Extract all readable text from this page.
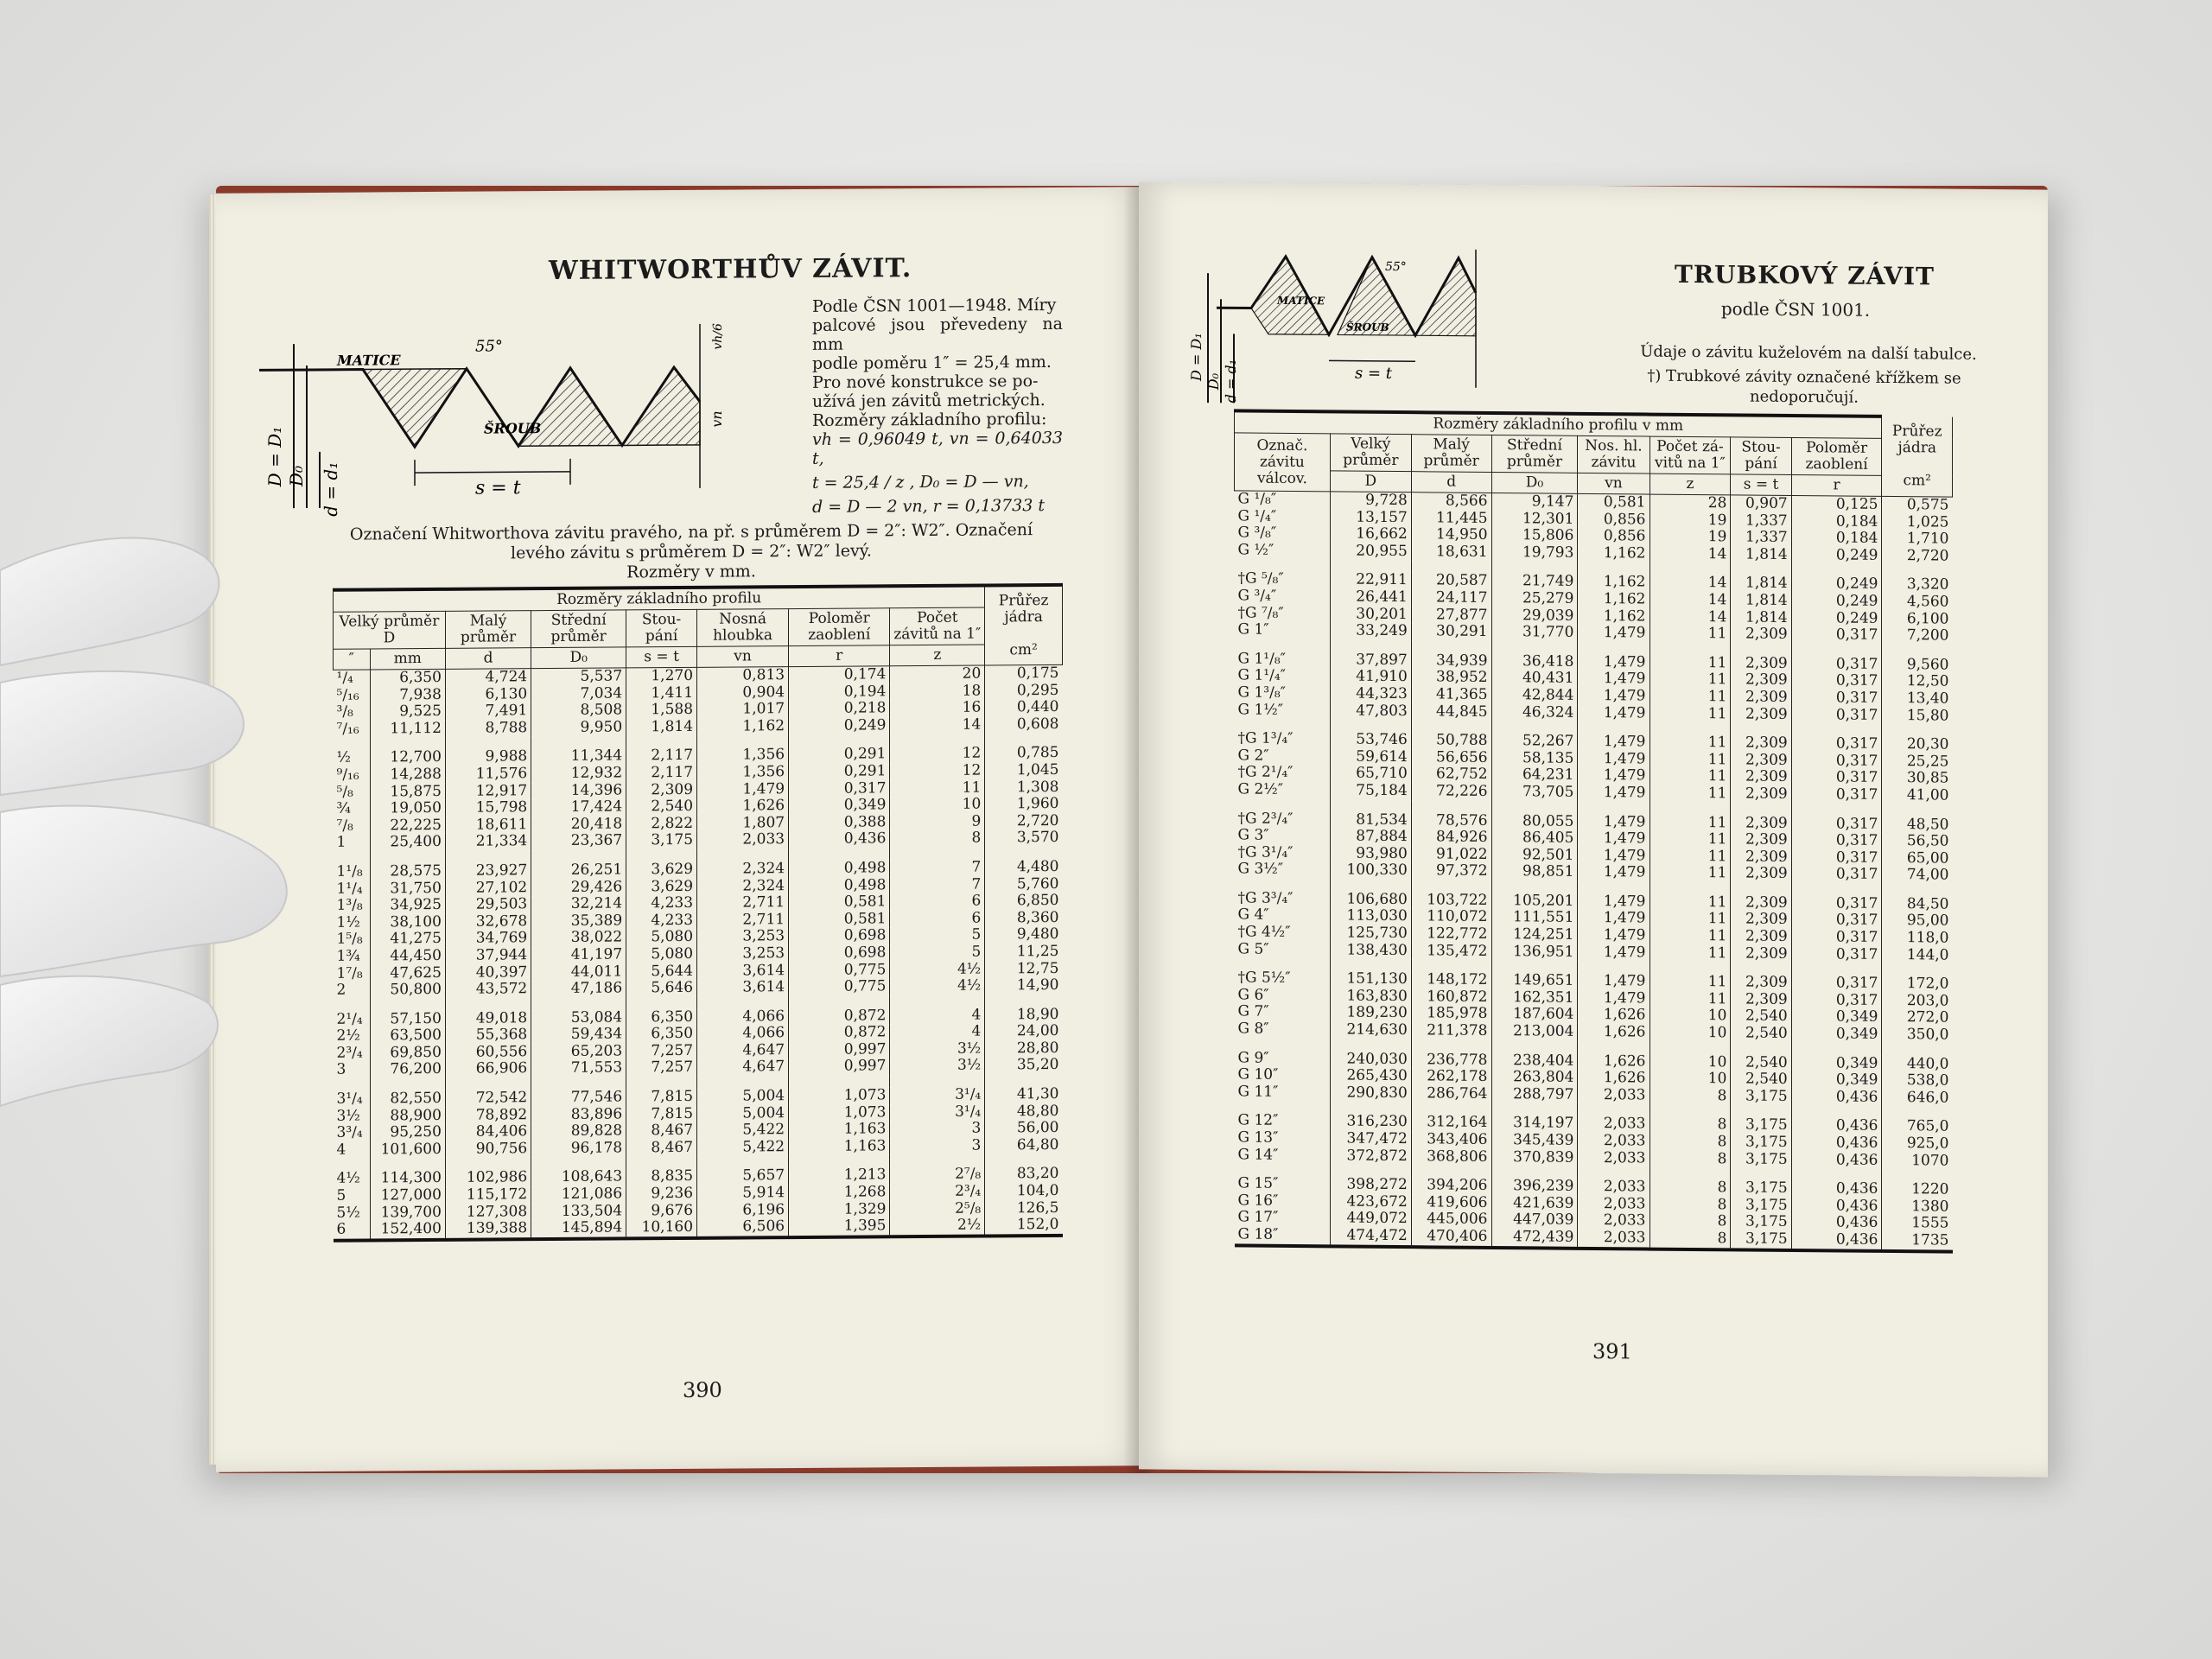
WHITWORTHŮV ZÁVIT.
MATICE
55°
ŠROUB
s = t
D = D₁ D₀ d = d₁
vh/6
vn
Podle ČSN 1001—1948. Míry
palcové jsou převedeny na mm
podle poměru 1″ = 25,4 mm.
Pro nové konstrukce se po-
užívá jen závitů metrických.
Rozměry základního profilu:
vh = 0,96049 t, vn = 0,64033 t,
t = 25,4 / z , D₀ = D — vn,
d = D — 2 vn, r = 0,13733 t
Označení Whitworthova závitu pravého, na př. s průměrem D = 2″: W2″. Označení
levého závitu s průměrem D = 2″: W2″ levý.
Rozměry v mm.
Rozměry základního profilu								Průřez jádra

cm²
Velký průměr D		Malý průměr	Střední průměr	Stou- pání	Nosná hloubka	Poloměr zaoblení	Počet závitů na 1″	
″	mm	d	D₀	s = t	vn	r	z	
¹/₄	6,350	4,724	5,537	1,270	0,813	0,174	20	0,175
⁵/₁₆	7,938	6,130	7,034	1,411	0,904	0,194	18	0,295
³/₈	9,525	7,491	8,508	1,588	1,017	0,218	16	0,440
⁷/₁₆	11,112	8,788	9,950	1,814	1,162	0,249	14	0,608

½	12,700	9,988	11,344	2,117	1,356	0,291	12	0,785
⁹/₁₆	14,288	11,576	12,932	2,117	1,356	0,291	12	1,045
⁵/₈	15,875	12,917	14,396	2,309	1,479	0,317	11	1,308
¾	19,050	15,798	17,424	2,540	1,626	0,349	10	1,960
⁷/₈	22,225	18,611	20,418	2,822	1,807	0,388	9	2,720
1	25,400	21,334	23,367	3,175	2,033	0,436	8	3,570

1¹/₈	28,575	23,927	26,251	3,629	2,324	0,498	7	4,480
1¹/₄	31,750	27,102	29,426	3,629	2,324	0,498	7	5,760
1³/₈	34,925	29,503	32,214	4,233	2,711	0,581	6	6,850
1½	38,100	32,678	35,389	4,233	2,711	0,581	6	8,360
1⁵/₈	41,275	34,769	38,022	5,080	3,253	0,698	5	9,480
1¾	44,450	37,944	41,197	5,080	3,253	0,698	5	11,25
1⁷/₈	47,625	40,397	44,011	5,644	3,614	0,775	4½	12,75
2	50,800	43,572	47,186	5,646	3,614	0,775	4½	14,90

2¹/₄	57,150	49,018	53,084	6,350	4,066	0,872	4	18,90
2½	63,500	55,368	59,434	6,350	4,066	0,872	4	24,00
2³/₄	69,850	60,556	65,203	7,257	4,647	0,997	3½	28,80
3	76,200	66,906	71,553	7,257	4,647	0,997	3½	35,20

3¹/₄	82,550	72,542	77,546	7,815	5,004	1,073	3¹/₄	41,30
3½	88,900	78,892	83,896	7,815	5,004	1,073	3¹/₄	48,80
3³/₄	95,250	84,406	89,828	8,467	5,422	1,163	3	56,00
4	101,600	90,756	96,178	8,467	5,422	1,163	3	64,80

4½	114,300	102,986	108,643	8,835	5,657	1,213	2⁷/₈	83,20
5	127,000	115,172	121,086	9,236	5,914	1,268	2³/₄	104,0
5½	139,700	127,308	133,504	9,676	6,196	1,329	2⁵/₈	126,5
6	152,400	139,388	145,894	10,160	6,506	1,395	2½	152,0
390
MATICE
55°
ŠROUB
s = t
D = D₁
D₀ d = d₁
TRUBKOVÝ ZÁVIT
podle ČSN 1001.
Údaje o závitu kuželovém na další tabulce.
†) Trubkové závity označené křížkem se
nedoporučují.
Rozměry základního profilu v mm								Průřez jádra

cm²
Označ. závitu válcov.	Velký průměr	Malý průměr	Střední průměr	Nos. hl. závitu	Počet zá- vitů na 1″	Stou- pání	Poloměr zaoblení	
	D	d	D₀	vn	z	s = t	r	
G ¹/₈″	9,728	8,566	9,147	0,581	28	0,907	0,125	0,575
G ¹/₄″	13,157	11,445	12,301	0,856	19	1,337	0,184	1,025
G ³/₈″	16,662	14,950	15,806	0,856	19	1,337	0,184	1,710
G ½″	20,955	18,631	19,793	1,162	14	1,814	0,249	2,720

†G ⁵/₈″	22,911	20,587	21,749	1,162	14	1,814	0,249	3,320
G ³/₄″	26,441	24,117	25,279	1,162	14	1,814	0,249	4,560
†G ⁷/₈″	30,201	27,877	29,039	1,162	14	1,814	0,249	6,100
G 1″	33,249	30,291	31,770	1,479	11	2,309	0,317	7,200

G 1¹/₈″	37,897	34,939	36,418	1,479	11	2,309	0,317	9,560
G 1¹/₄″	41,910	38,952	40,431	1,479	11	2,309	0,317	12,50
G 1³/₈″	44,323	41,365	42,844	1,479	11	2,309	0,317	13,40
G 1½″	47,803	44,845	46,324	1,479	11	2,309	0,317	15,80

†G 1³/₄″	53,746	50,788	52,267	1,479	11	2,309	0,317	20,30
G 2″	59,614	56,656	58,135	1,479	11	2,309	0,317	25,25
†G 2¹/₄″	65,710	62,752	64,231	1,479	11	2,309	0,317	30,85
G 2½″	75,184	72,226	73,705	1,479	11	2,309	0,317	41,00

†G 2³/₄″	81,534	78,576	80,055	1,479	11	2,309	0,317	48,50
G 3″	87,884	84,926	86,405	1,479	11	2,309	0,317	56,50
†G 3¹/₄″	93,980	91,022	92,501	1,479	11	2,309	0,317	65,00
G 3½″	100,330	97,372	98,851	1,479	11	2,309	0,317	74,00

†G 3³/₄″	106,680	103,722	105,201	1,479	11	2,309	0,317	84,50
G 4″	113,030	110,072	111,551	1,479	11	2,309	0,317	95,00
†G 4½″	125,730	122,772	124,251	1,479	11	2,309	0,317	118,0
G 5″	138,430	135,472	136,951	1,479	11	2,309	0,317	144,0

†G 5½″	151,130	148,172	149,651	1,479	11	2,309	0,317	172,0
G 6″	163,830	160,872	162,351	1,479	11	2,309	0,317	203,0
G 7″	189,230	185,978	187,604	1,626	10	2,540	0,349	272,0
G 8″	214,630	211,378	213,004	1,626	10	2,540	0,349	350,0

G 9″	240,030	236,778	238,404	1,626	10	2,540	0,349	440,0
G 10″	265,430	262,178	263,804	1,626	10	2,540	0,349	538,0
G 11″	290,830	286,764	288,797	2,033	8	3,175	0,436	646,0

G 12″	316,230	312,164	314,197	2,033	8	3,175	0,436	765,0
G 13″	347,472	343,406	345,439	2,033	8	3,175	0,436	925,0
G 14″	372,872	368,806	370,839	2,033	8	3,175	0,436	1070

G 15″	398,272	394,206	396,239	2,033	8	3,175	0,436	1220
G 16″	423,672	419,606	421,639	2,033	8	3,175	0,436	1380
G 17″	449,072	445,006	447,039	2,033	8	3,175	0,436	1555
G 18″	474,472	470,406	472,439	2,033	8	3,175	0,436	1735
391
